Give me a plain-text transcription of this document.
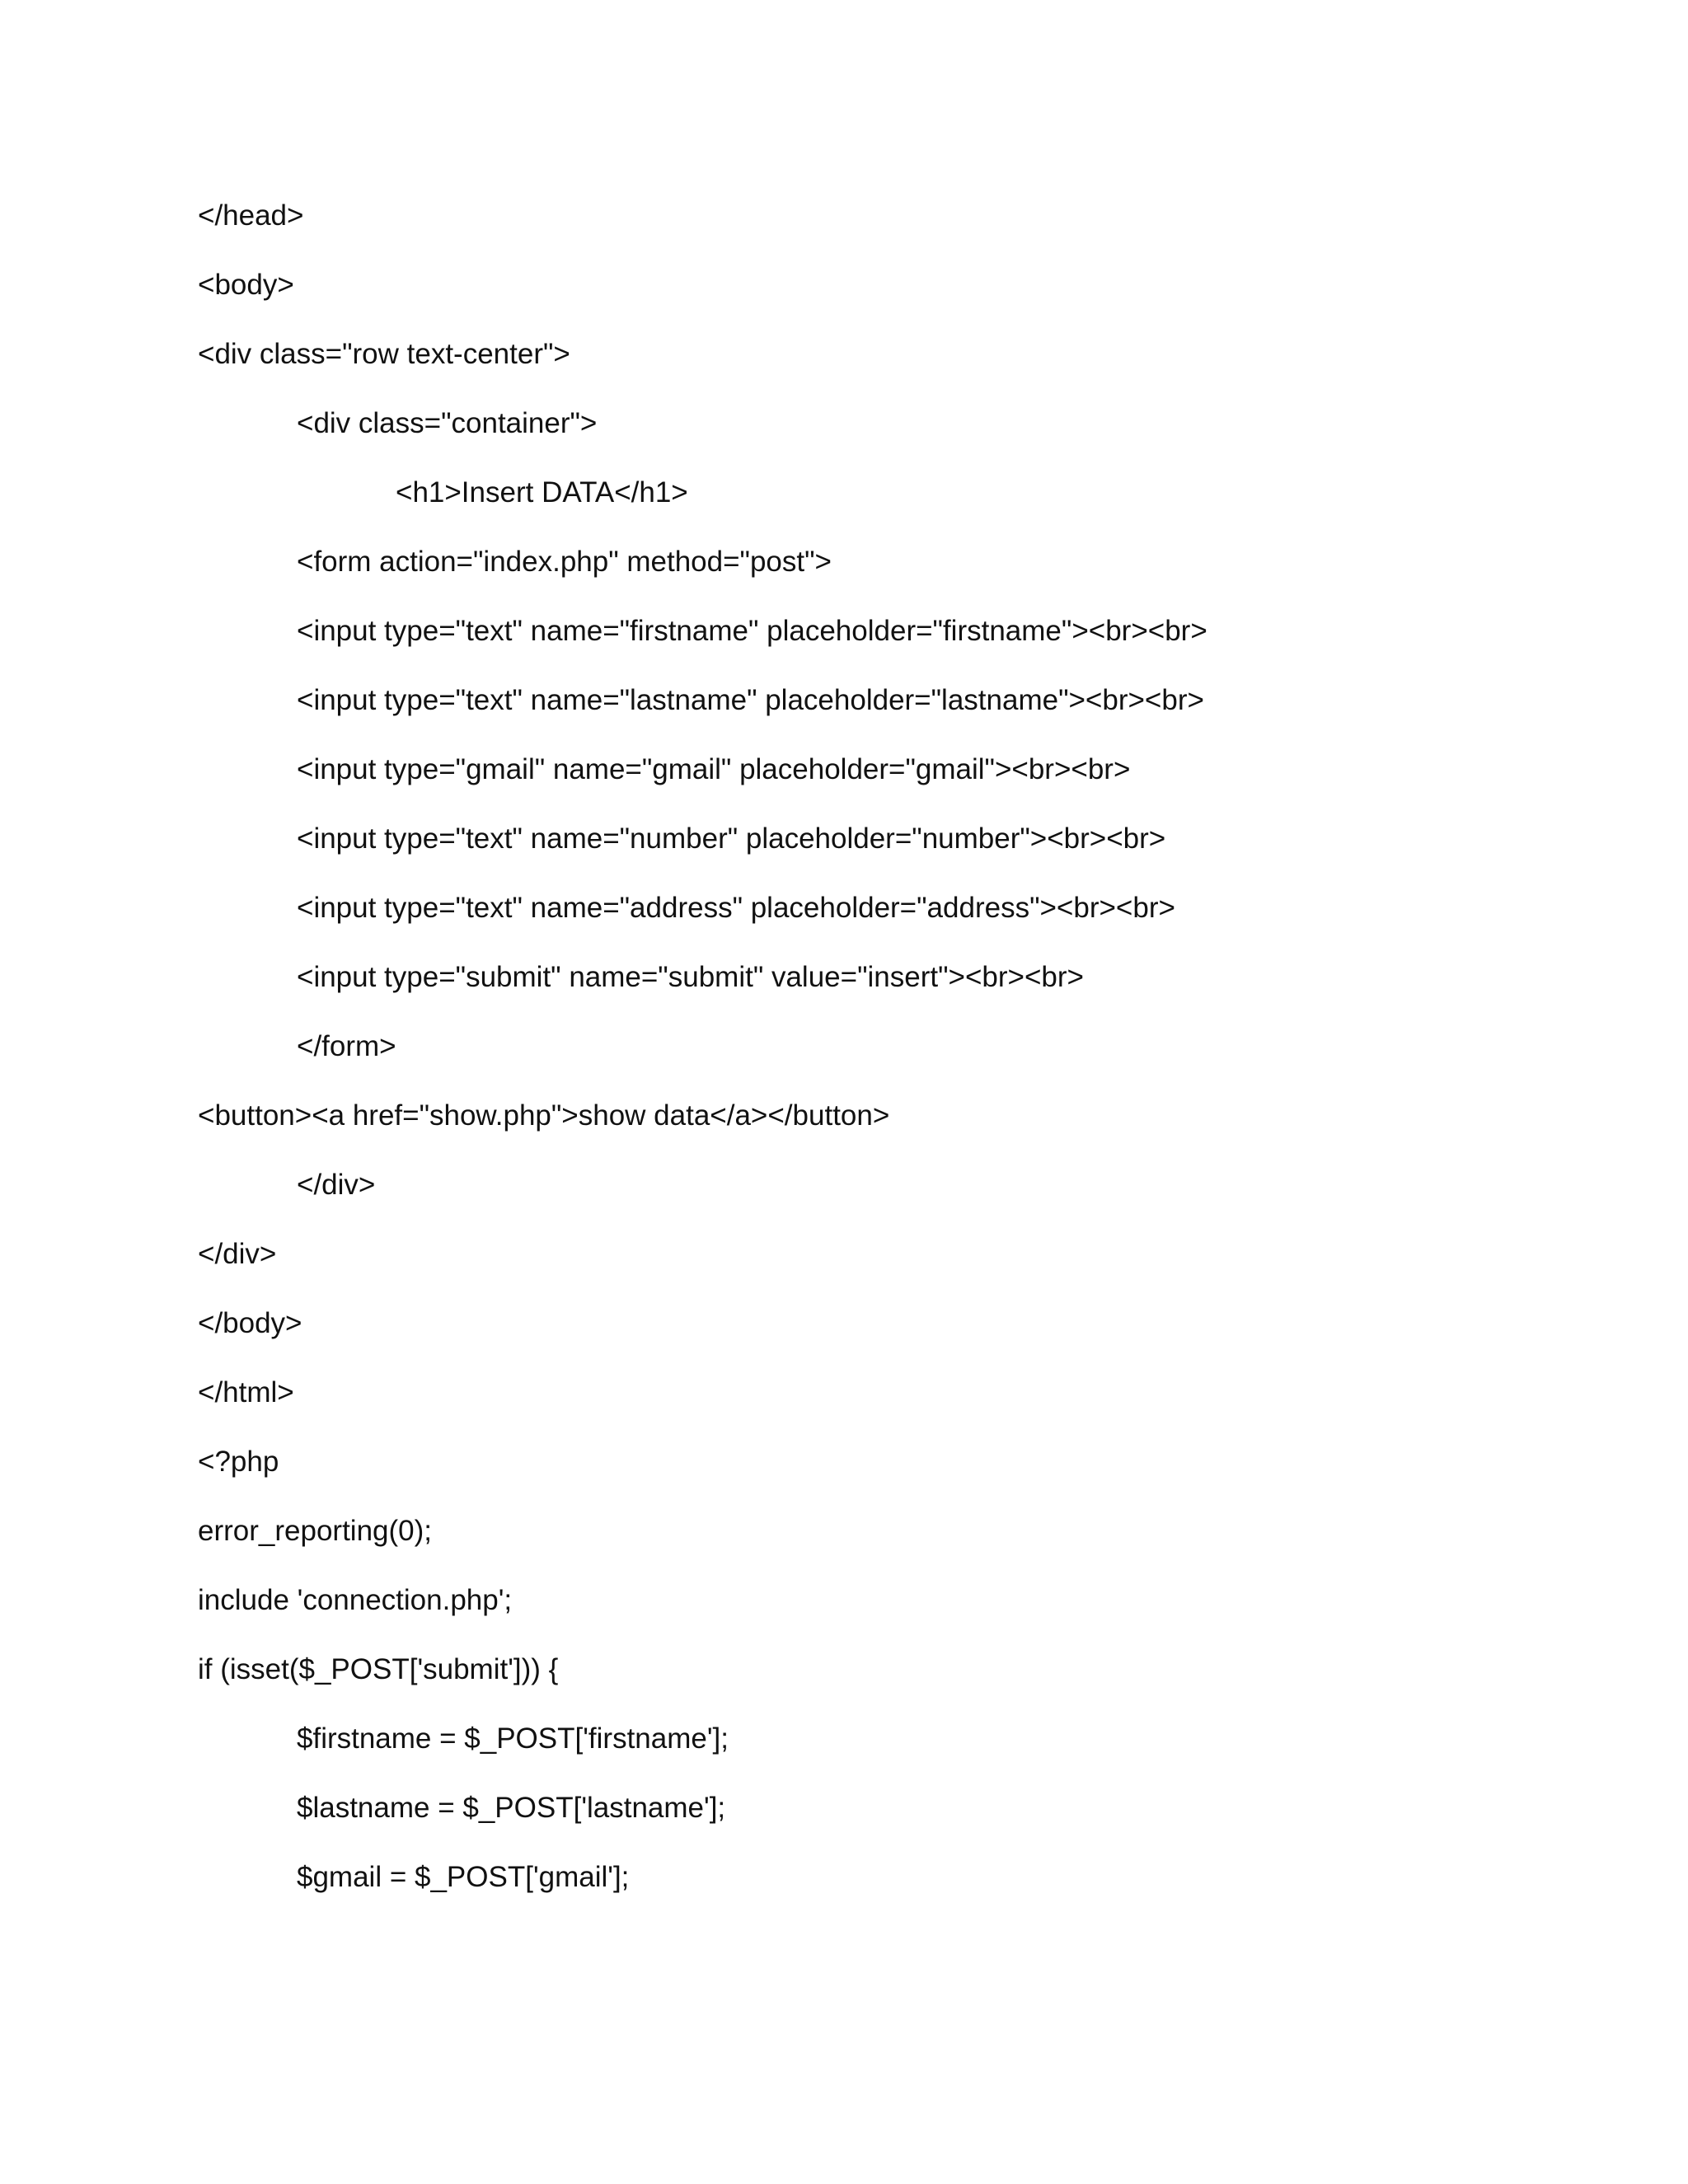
</head>

<body>

<div class="row text-center">

<div class="container">

<h1>Insert DATA</h1>

<form action="index.php" method="post">

<input type="text" name="firstname" placeholder="firstname"><br><br>

<input type="text" name="lastname" placeholder="lastname"><br><br>

<input type="gmail" name="gmail" placeholder="gmail"><br><br>

<input type="text" name="number" placeholder="number"><br><br>

<input type="text" name="address" placeholder="address"><br><br>

<input type="submit" name="submit" value="insert"><br><br>

</form>

<button><a href="show.php">show data</a></button>

</div>

</div>

</body>

</html>

<?php

error_reporting(0);

include 'connection.php';

if (isset($_POST['submit'])) {

$firstname = $_POST['firstname'];

$lastname = $_POST['lastname'];

$gmail = $_POST['gmail'];
